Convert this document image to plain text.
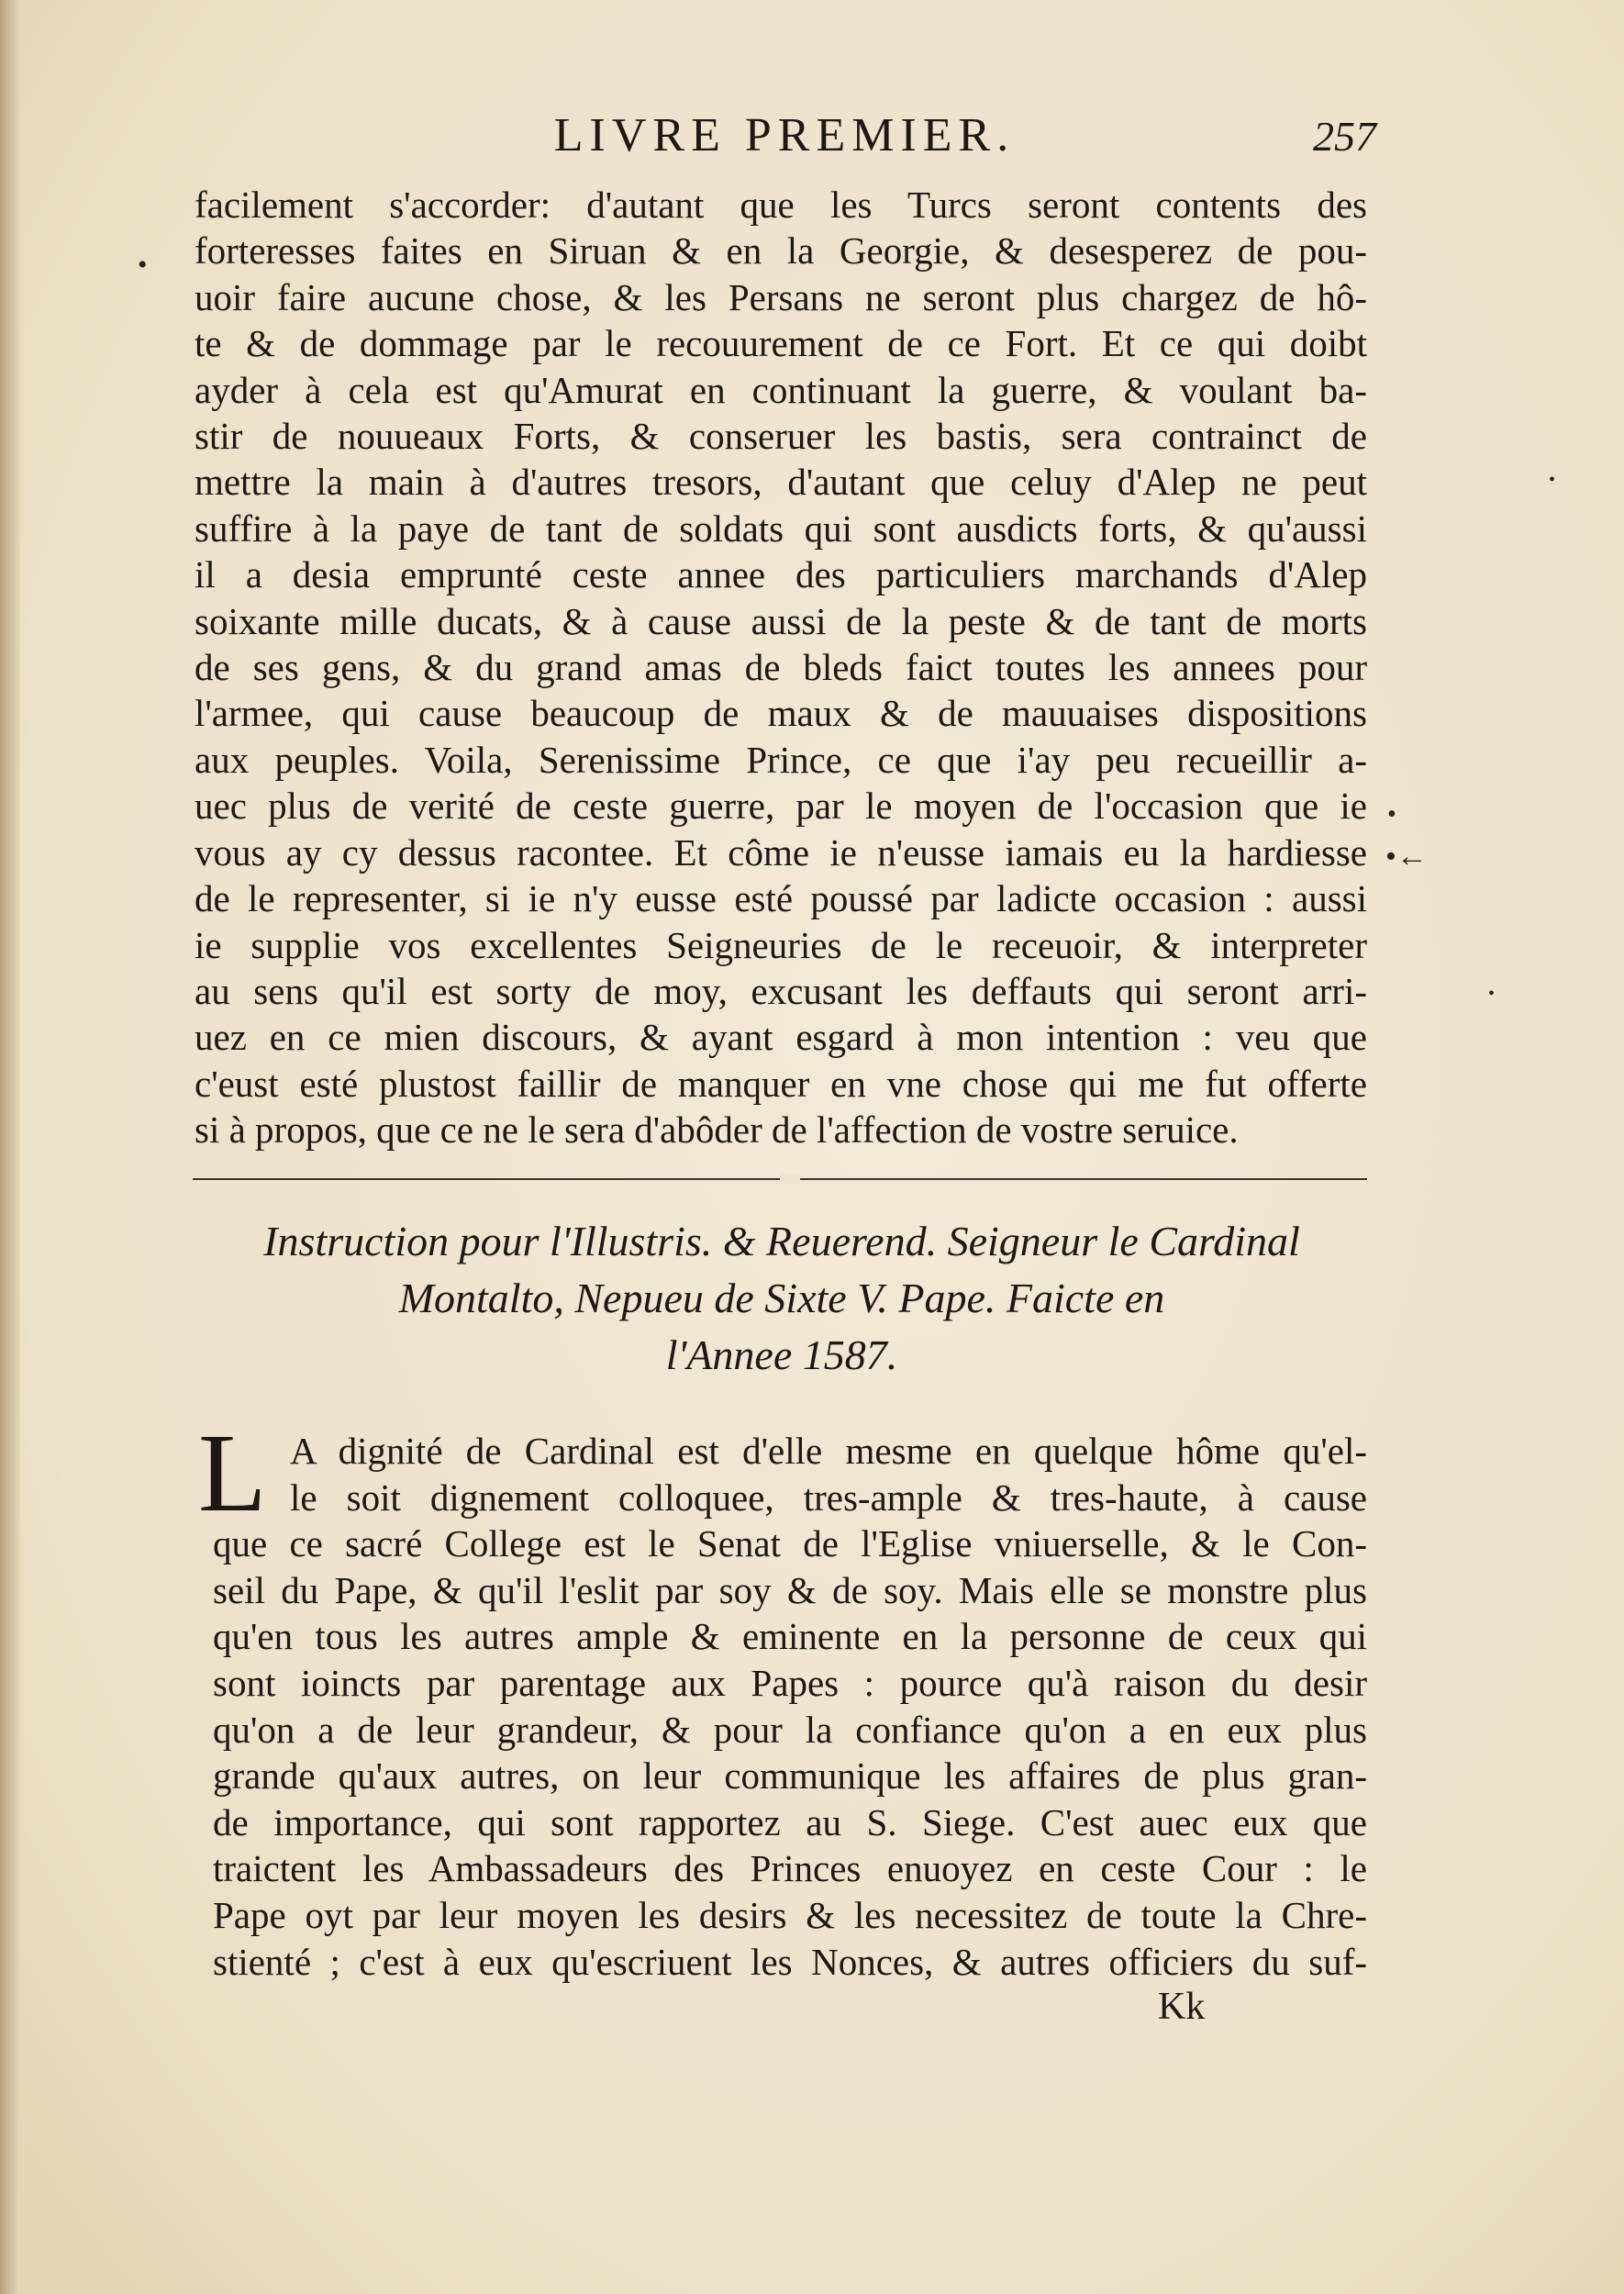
LIVRE PREMIER.	257
facilement s'accorder: d'autant que les Turcs seront contents des
forteresses faites en Siruan & en la Georgie, & desesperez de pou-
uoir faire aucune chose, & les Persans ne seront plus chargez de hô-
te & de dommage par le recouurement de ce Fort. Et ce qui doibt
ayder à cela est qu'Amurat en continuant la guerre, & voulant ba-
stir de nouueaux Forts, & conseruer les bastis, sera contrainct de
mettre la main à d'autres tresors, d'autant que celuy d'Alep ne peut
suffire à la paye de tant de soldats qui sont ausdicts forts, & qu'aussi
il a desia emprunté ceste annee des particuliers marchands d'Alep
soixante mille ducats, & à cause aussi de la peste & de tant de morts
de ses gens, & du grand amas de bleds faict toutes les annees pour
l'armee, qui cause beaucoup de maux & de mauuaises dispositions
aux peuples. Voila, Serenissime Prince, ce que i'ay peu recueillir a-
uec plus de verité de ceste guerre, par le moyen de l'occasion que ie
vous ay cy dessus racontee. Et côme ie n'eusse iamais eu la hardiesse
de le representer, si ie n'y eusse esté poussé par ladicte occasion : aussi
ie supplie vos excellentes Seigneuries de le receuoir, & interpreter
au sens qu'il est sorty de moy, excusant les deffauts qui seront arri-
uez en ce mien discours, & ayant esgard à mon intention : veu que
c'eust esté plustost faillir de manquer en vne chose qui me fut offerte
si à propos, que ce ne le sera d'abôder de l'affection de vostre seruice.
Instruction pour l'Illustris. & Reuerend. Seigneur le Cardinal
Montalto, Nepueu de Sixte V. Pape. Faicte en
l'Annee 1587.
L A dignité de Cardinal est d'elle mesme en quelque hôme qu'el-
le soit dignement colloquee, tres-ample & tres-haute, à cause
que ce sacré College est le Senat de l'Eglise vniuerselle, & le Con-
seil du Pape, & qu'il l'eslit par soy & de soy. Mais elle se monstre plus
qu'en tous les autres ample & eminente en la personne de ceux qui
sont ioincts par parentage aux Papes : pource qu'à raison du desir
qu'on a de leur grandeur, & pour la confiance qu'on a en eux plus
grande qu'aux autres, on leur communique les affaires de plus gran-
de importance, qui sont rapportez au S. Siege. C'est auec eux que
traictent les Ambassadeurs des Princes enuoyez en ceste Cour : le
Pape oyt par leur moyen les desirs & les necessitez de toute la Chre-
stienté ; c'est à eux qu'escriuent les Nonces, & autres officiers du suf-
Kk
•
•
•←
•
•
